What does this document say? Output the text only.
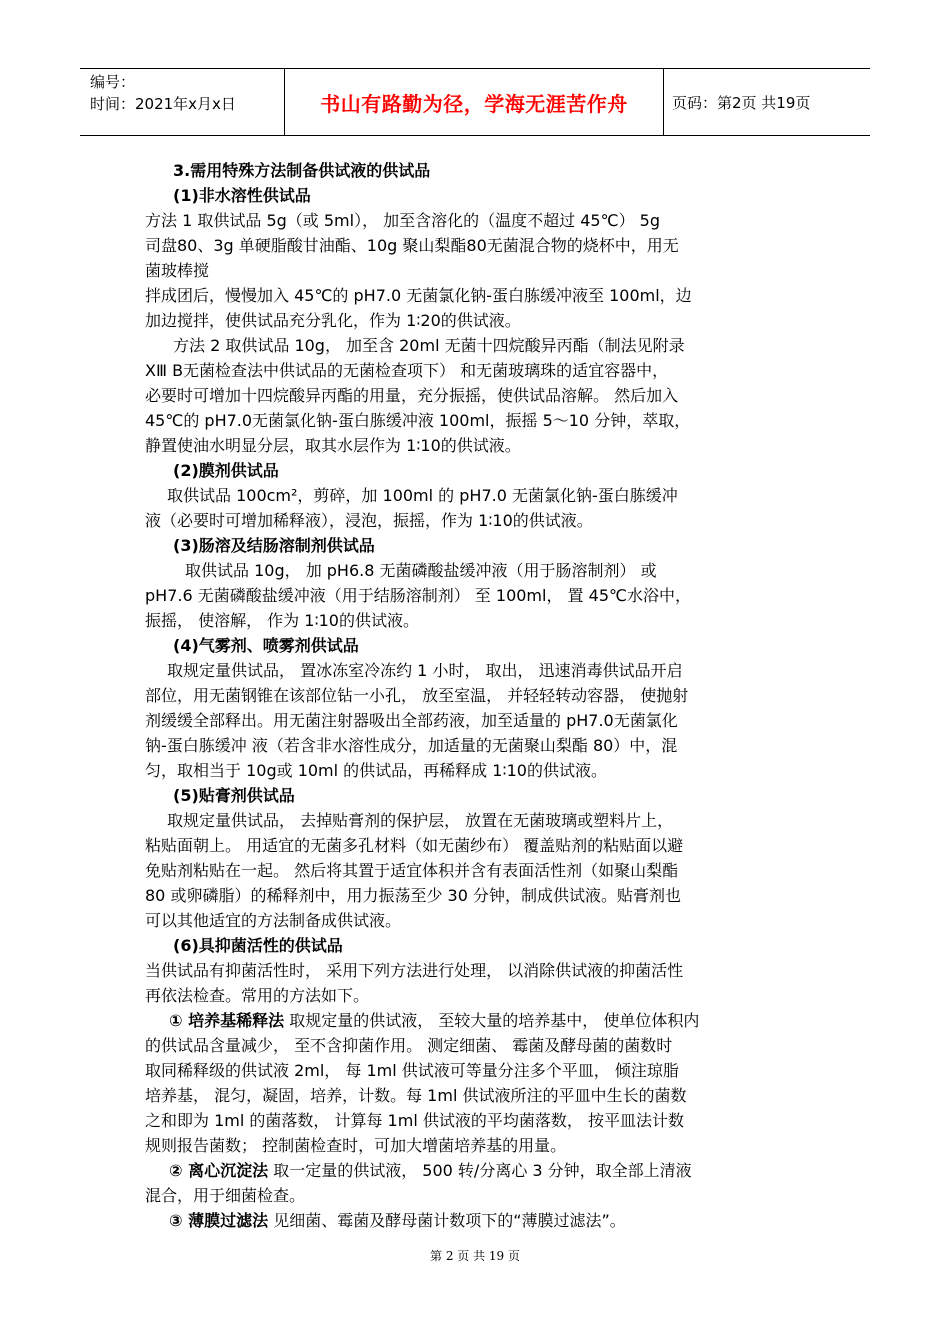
编号：
时间：2021年x月x日	书山有路勤为径，学海无涯苦作舟	页码：第2页 共19页

3.需用特殊方法制备供试液的供试品

(1)非水溶性供试品

方法 1 取供试品 5g（或 5ml）， 加至含溶化的（温度不超过 45℃） 5g

司盘80、3g 单硬脂酸甘油酯、10g 聚山梨酯80无菌混合物的烧杯中，用无

菌玻棒搅

拌成团后，慢慢加入 45℃的 pH7.0 无菌氯化钠-蛋白胨缓冲液至 100ml，边

加边搅拌，使供试品充分乳化，作为 1∶20的供试液。

方法 2 取供试品 10g， 加至含 20ml 无菌十四烷酸异丙酯（制法见附录

ⅩⅢ B无菌检查法中供试品的无菌检查项下） 和无菌玻璃珠的适宜容器中，

必要时可增加十四烷酸异丙酯的用量，充分振摇，使供试品溶解。 然后加入

45℃的 pH7.0无菌氯化钠-蛋白胨缓冲液 100ml，振摇 5～10 分钟，萃取，

静置使油水明显分层，取其水层作为 1∶10的供试液。

(2)膜剂供试品

取供试品 100cm²，剪碎，加 100ml 的 pH7.0 无菌氯化钠-蛋白胨缓冲

液（必要时可增加稀释液），浸泡，振摇，作为 1∶10的供试液。

(3)肠溶及结肠溶制剂供试品

取供试品 10g， 加 pH6.8 无菌磷酸盐缓冲液（用于肠溶制剂） 或

pH7.6 无菌磷酸盐缓冲液（用于结肠溶制剂） 至 100ml， 置 45℃水浴中，

振摇， 使溶解， 作为 1∶10的供试液。

(4)气雾剂、喷雾剂供试品

取规定量供试品， 置冰冻室冷冻约 1 小时， 取出， 迅速消毒供试品开启

部位，用无菌钢锥在该部位钻一小孔， 放至室温， 并轻轻转动容器， 使抛射

剂缓缓全部释出。用无菌注射器吸出全部药液，加至适量的 pH7.0无菌氯化

钠-蛋白胨缓冲 液（若含非水溶性成分，加适量的无菌聚山梨酯 80）中，混

匀，取相当于 10g或 10ml 的供试品，再稀释成 1∶10的供试液。

(5)贴膏剂供试品

取规定量供试品， 去掉贴膏剂的保护层， 放置在无菌玻璃或塑料片上，

粘贴面朝上。 用适宜的无菌多孔材料（如无菌纱布） 覆盖贴剂的粘贴面以避

免贴剂粘贴在一起。 然后将其置于适宜体积并含有表面活性剂（如聚山梨酯

80 或卵磷脂）的稀释剂中，用力振荡至少 30 分钟，制成供试液。贴膏剂也

可以其他适宜的方法制备成供试液。

(6)具抑菌活性的供试品

当供试品有抑菌活性时， 采用下列方法进行处理， 以消除供试液的抑菌活性

再依法检查。常用的方法如下。

① 培养基稀释法 取规定量的供试液， 至较大量的培养基中， 使单位体积内

的供试品含量减少， 至不含抑菌作用。 测定细菌、 霉菌及酵母菌的菌数时

取同稀释级的供试液 2ml， 每 1ml 供试液可等量分注多个平皿， 倾注琼脂

培养基， 混匀，凝固，培养，计数。每 1ml 供试液所注的平皿中生长的菌数

之和即为 1ml 的菌落数， 计算每 1ml 供试液的平均菌落数， 按平皿法计数

规则报告菌数； 控制菌检查时，可加大增菌培养基的用量。

② 离心沉淀法 取一定量的供试液， 500 转/分离心 3 分钟，取全部上清液

混合，用于细菌检查。

③ 薄膜过滤法 见细菌、霉菌及酵母菌计数项下的“薄膜过滤法”。

第 2 页 共 19 页
